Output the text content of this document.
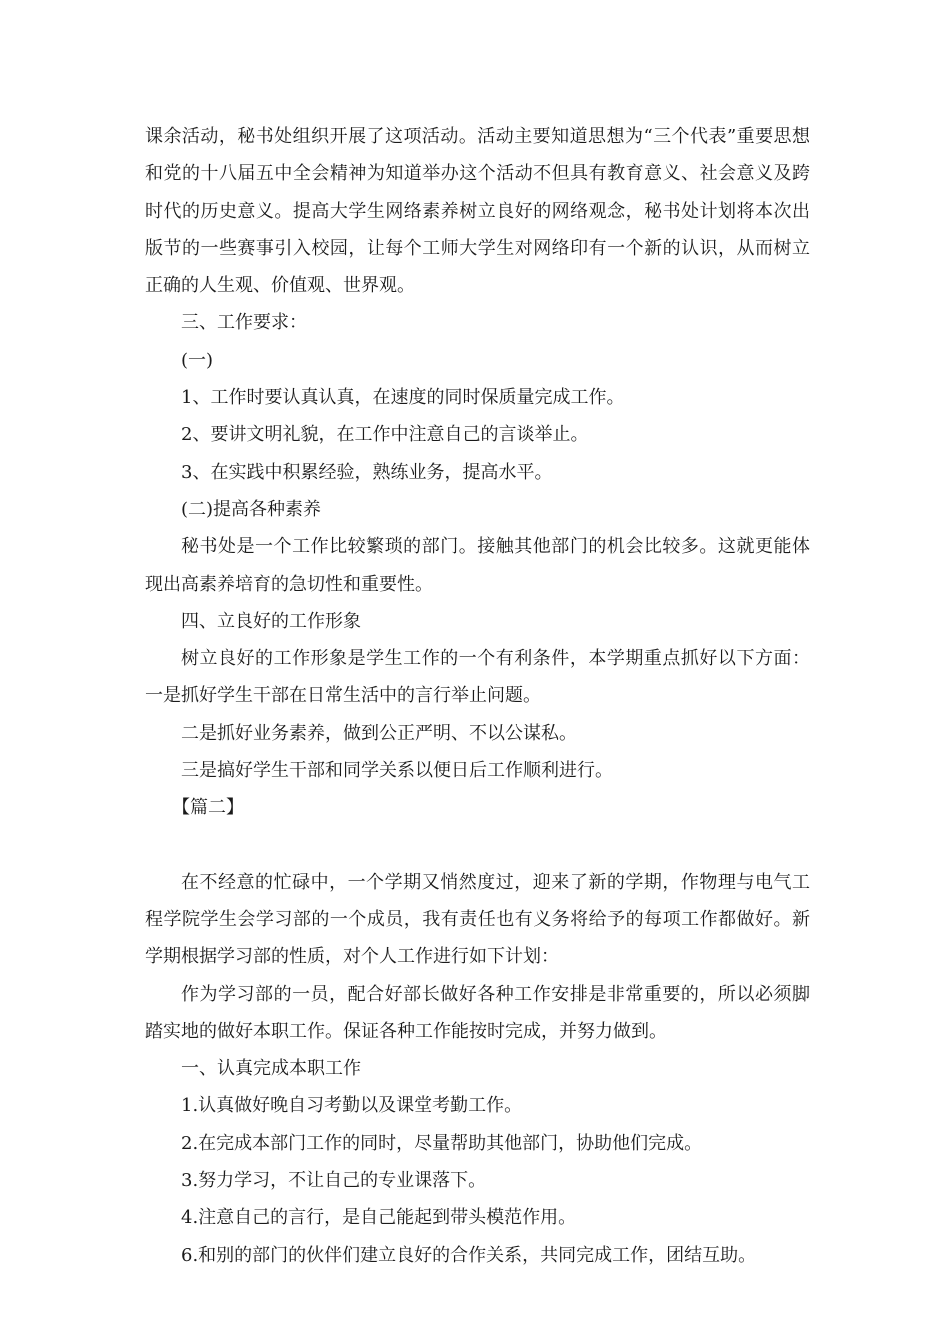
课余活动，秘书处组织开展了这项活动。活动主要知道思想为“三个代表”重要思想和党的十八届五中全会精神为知道举办这个活动不但具有教育意义、社会意义及跨时代的历史意义。提高大学生网络素养树立良好的网络观念，秘书处计划将本次出版节的一些赛事引入校园，让每个工师大学生对网络印有一个新的认识，从而树立正确的人生观、价值观、世界观。

三、工作要求：

(一)

1、工作时要认真认真，在速度的同时保质量完成工作。

2、要讲文明礼貌，在工作中注意自己的言谈举止。

3、在实践中积累经验，熟练业务，提高水平。

(二)提高各种素养

秘书处是一个工作比较繁琐的部门。接触其他部门的机会比较多。这就更能体现出高素养培育的急切性和重要性。

四、立良好的工作形象

树立良好的工作形象是学生工作的一个有利条件，本学期重点抓好以下方面：一是抓好学生干部在日常生活中的言行举止问题。

二是抓好业务素养，做到公正严明、不以公谋私。

三是搞好学生干部和同学关系以便日后工作顺利进行。

【篇二】

在不经意的忙碌中，一个学期又悄然度过，迎来了新的学期，作物理与电气工程学院学生会学习部的一个成员，我有责任也有义务将给予的每项工作都做好。新学期根据学习部的性质，对个人工作进行如下计划：

作为学习部的一员，配合好部长做好各种工作安排是非常重要的，所以必须脚踏实地的做好本职工作。保证各种工作能按时完成，并努力做到。

一、认真完成本职工作

1.认真做好晚自习考勤以及课堂考勤工作。

2.在完成本部门工作的同时，尽量帮助其他部门，协助他们完成。

3.努力学习，不让自己的专业课落下。

4.注意自己的言行，是自己能起到带头模范作用。

6.和别的部门的伙伴们建立良好的合作关系，共同完成工作，团结互助。
